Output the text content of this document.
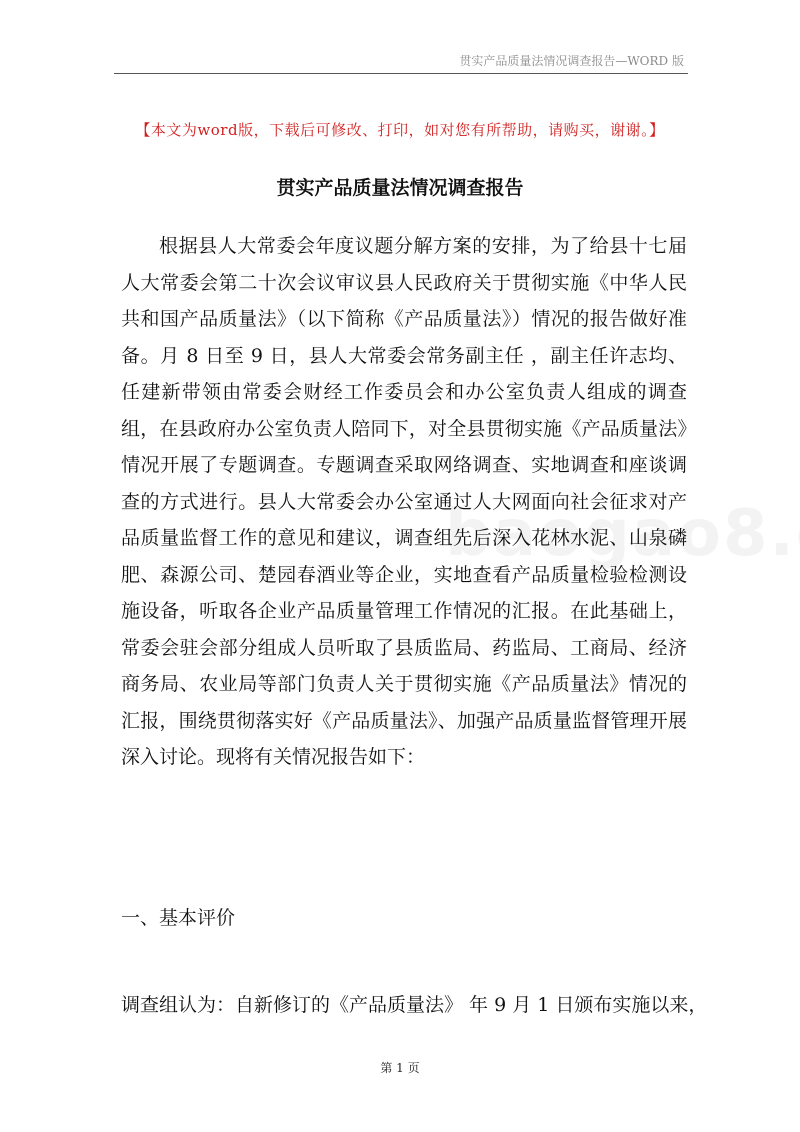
贯实产品质量法情况调查报告—WORD 版
【本文为word版，下载后可修改、打印，如对您有所帮助，请购买，谢谢。】
贯实产品质量法情况调查报告

根据县人大常委会年度议题分解方案的安排，为了给县十七届人大常委会第二十次会议审议县人民政府关于贯彻实施《中华人民共和国产品质量法》（以下简称《产品质量法》）情况的报告做好准备。月 8 日至 9 日，县人大常委会常务副主任 ，副主任许志均、任建新带领由常委会财经工作委员会和办公室负责人组成的调查组，在县政府办公室负责人陪同下，对全县贯彻实施《产品质量法》情况开展了专题调查。专题调查采取网络调查、实地调查和座谈调查的方式进行。县人大常委会办公室通过人大网面向社会征求对产品质量监督工作的意见和建议，调查组先后深入花林水泥、山泉磷肥、森源公司、楚园春酒业等企业，实地查看产品质量检验检测设施设备，听取各企业产品质量管理工作情况的汇报。在此基础上，常委会驻会部分组成人员听取了县质监局、药监局、工商局、经济商务局、农业局等部门负责人关于贯彻实施《产品质量法》情况的汇报，围绕贯彻落实好《产品质量法》、加强产品质量监督管理开展深入讨论。现将有关情况报告如下：

一、基本评价
调查组认为：自新修订的《产品质量法》 年 9 月 1 日颁布实施以来，
第 1 页
